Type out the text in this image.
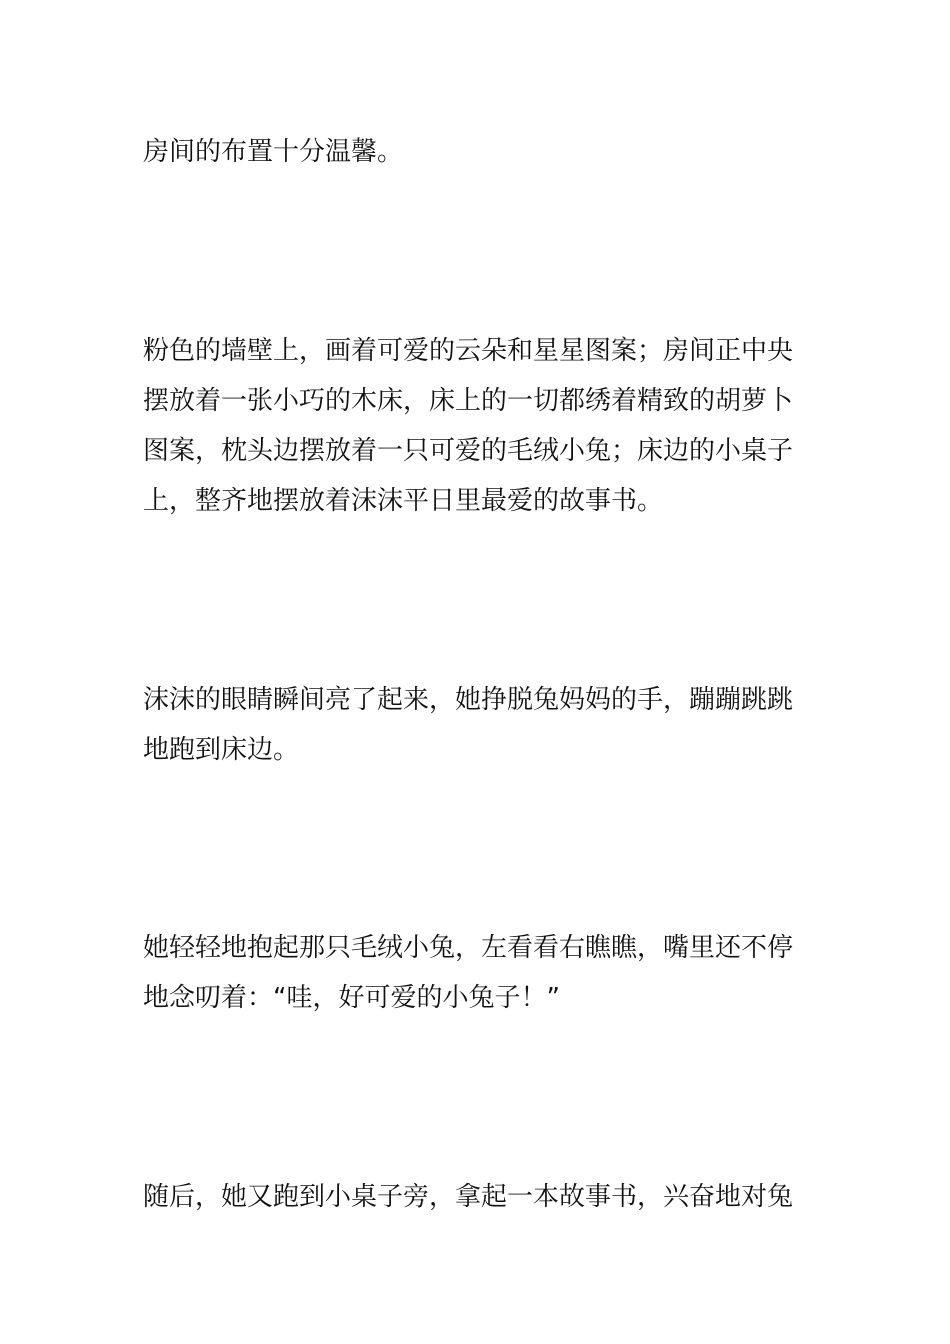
房间的布置十分温馨。

粉色的墙壁上，画着可爱的云朵和星星图案；房间正中央
摆放着一张小巧的木床，床上的一切都绣着精致的胡萝卜
图案，枕头边摆放着一只可爱的毛绒小兔；床边的小桌子
上，整齐地摆放着沫沫平日里最爱的故事书。

沫沫的眼睛瞬间亮了起来，她挣脱兔妈妈的手，蹦蹦跳跳
地跑到床边。

她轻轻地抱起那只毛绒小兔，左看看右瞧瞧，嘴里还不停
地念叨着：“哇，好可爱的小兔子！”

随后，她又跑到小桌子旁，拿起一本故事书，兴奋地对兔
